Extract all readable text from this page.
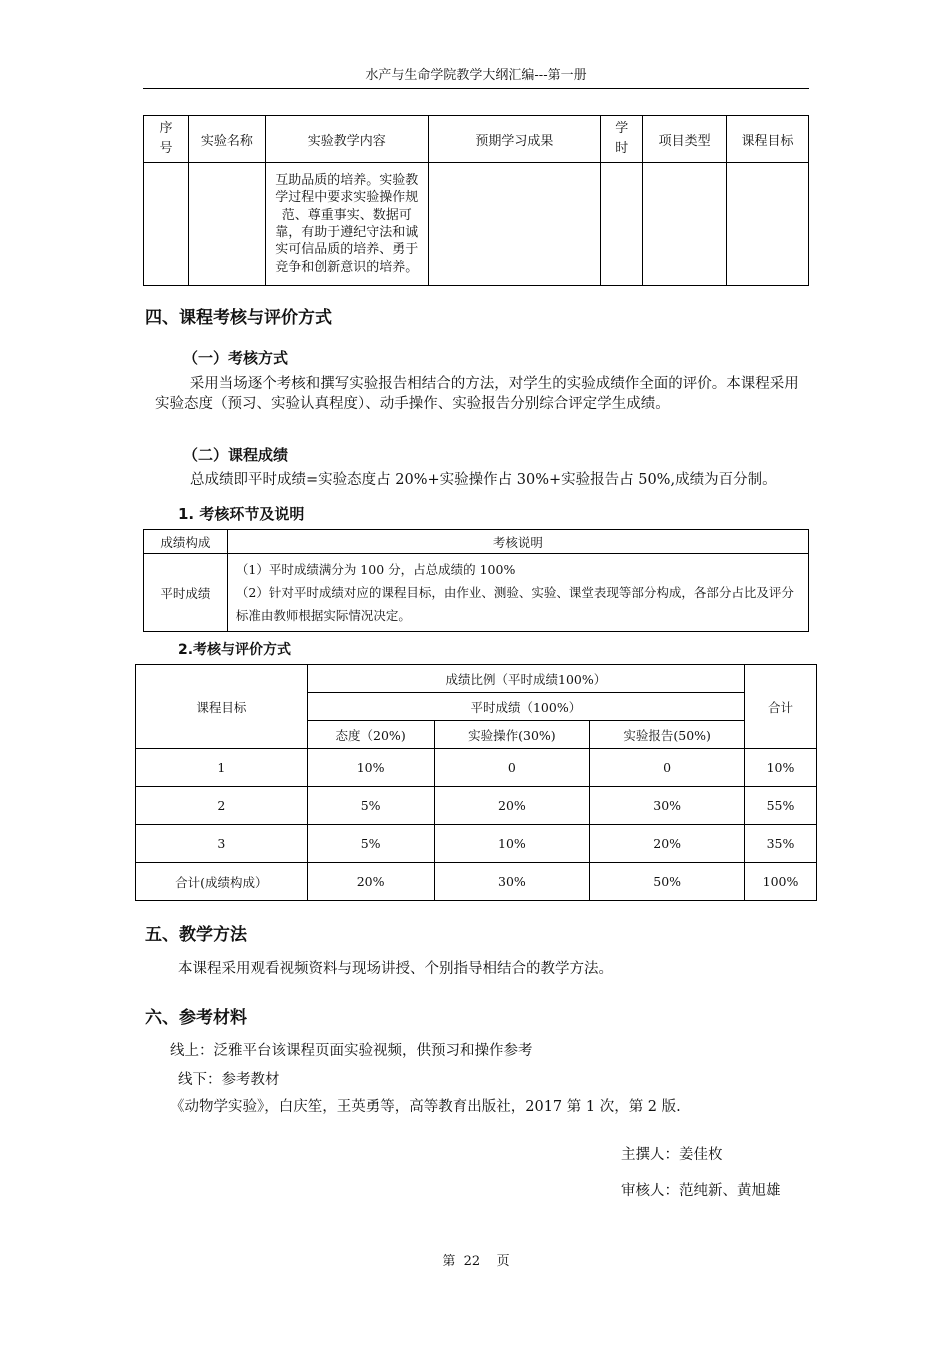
水产与生命学院教学大纲汇编---第一册
序号	实验名称	实验教学内容	预期学习成果	学时	项目类型	课程目标

		互助品质的培养。实验教学过程中要求实验操作规范、尊重事实、数据可靠，有助于遵纪守法和诚实可信品质的培养、勇于竞争和创新意识的培养。				

四、课程考核与评价方式
（一）考核方式
采用当场逐个考核和撰写实验报告相结合的方法，对学生的实验成绩作全面的评价。本课程采用实验态度（预习、实验认真程度）、动手操作、实验报告分别综合评定学生成绩。
（二）课程成绩
总成绩即平时成绩=实验态度占 20%+实验操作占 30%+实验报告占 50%,成绩为百分制。
1. 考核环节及说明
成绩构成	考核说明
平时成绩	（1）平时成绩满分为 100 分，占总成绩的 100%
（2）针对平时成绩对应的课程目标，由作业、测验、实验、课堂表现等部分构成，各部分占比及评分标准由教师根据实际情况决定。
2.考核与评价方式
课程目标	成绩比例（平时成绩100%）			合计
	平时成绩（100%）			
	态度（20%)	实验操作(30%)	实验报告(50%)	
1	10%	0	0	10%
2	5%	20%	30%	55%
3	5%	10%	20%	35%
合计(成绩构成）	20%	30%	50%	100%
五、教学方法
本课程采用观看视频资料与现场讲授、个别指导相结合的教学方法。
六、参考材料
线上：泛雅平台该课程页面实验视频，供预习和操作参考
线下：参考教材
《动物学实验》，白庆笙，王英勇等，高等教育出版社，2017 第 1 次，第 2 版.
主撰人：姜佳枚
审核人：范纯新、黄旭雄
第  22    页
